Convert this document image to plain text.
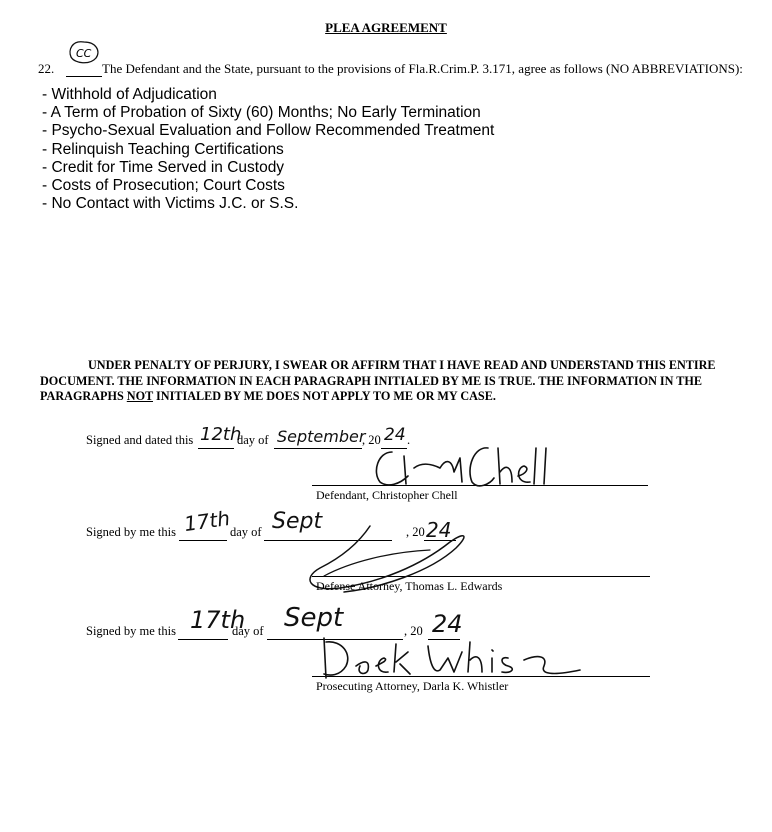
PLEA AGREEMENT
22.
CC
The Defendant and the State, pursuant to the provisions of Fla.R.Crim.P. 3.171, agree as follows (NO ABBREVIATIONS):
- Withhold of Adjudication
- A Term of Probation of Sixty (60) Months; No Early Termination
- Psycho-Sexual Evaluation and Follow Recommended Treatment
- Relinquish Teaching Certifications
- Credit for Time Served in Custody
- Costs of Prosecution; Court Costs
- No Contact with Victims J.C. or S.S.

UNDER PENALTY OF PERJURY, I SWEAR OR AFFIRM THAT I HAVE READ AND UNDERSTAND THIS ENTIRE DOCUMENT. THE INFORMATION IN EACH PARAGRAPH INITIALED BY ME IS TRUE. THE INFORMATION IN THE PARAGRAPHS NOT INITIALED BY ME DOES NOT APPLY TO ME OR MY CASE.

Signed and dated this 12th
day of September
, 20 24 .
Defendant, Christopher Chell
Signed by me this 17th
day of Sept	, 20 24
Defense Attorney, Thomas L. Edwards
Signed by me this 17th
day of Sept	, 20 24
Prosecuting Attorney, Darla K. Whistler
